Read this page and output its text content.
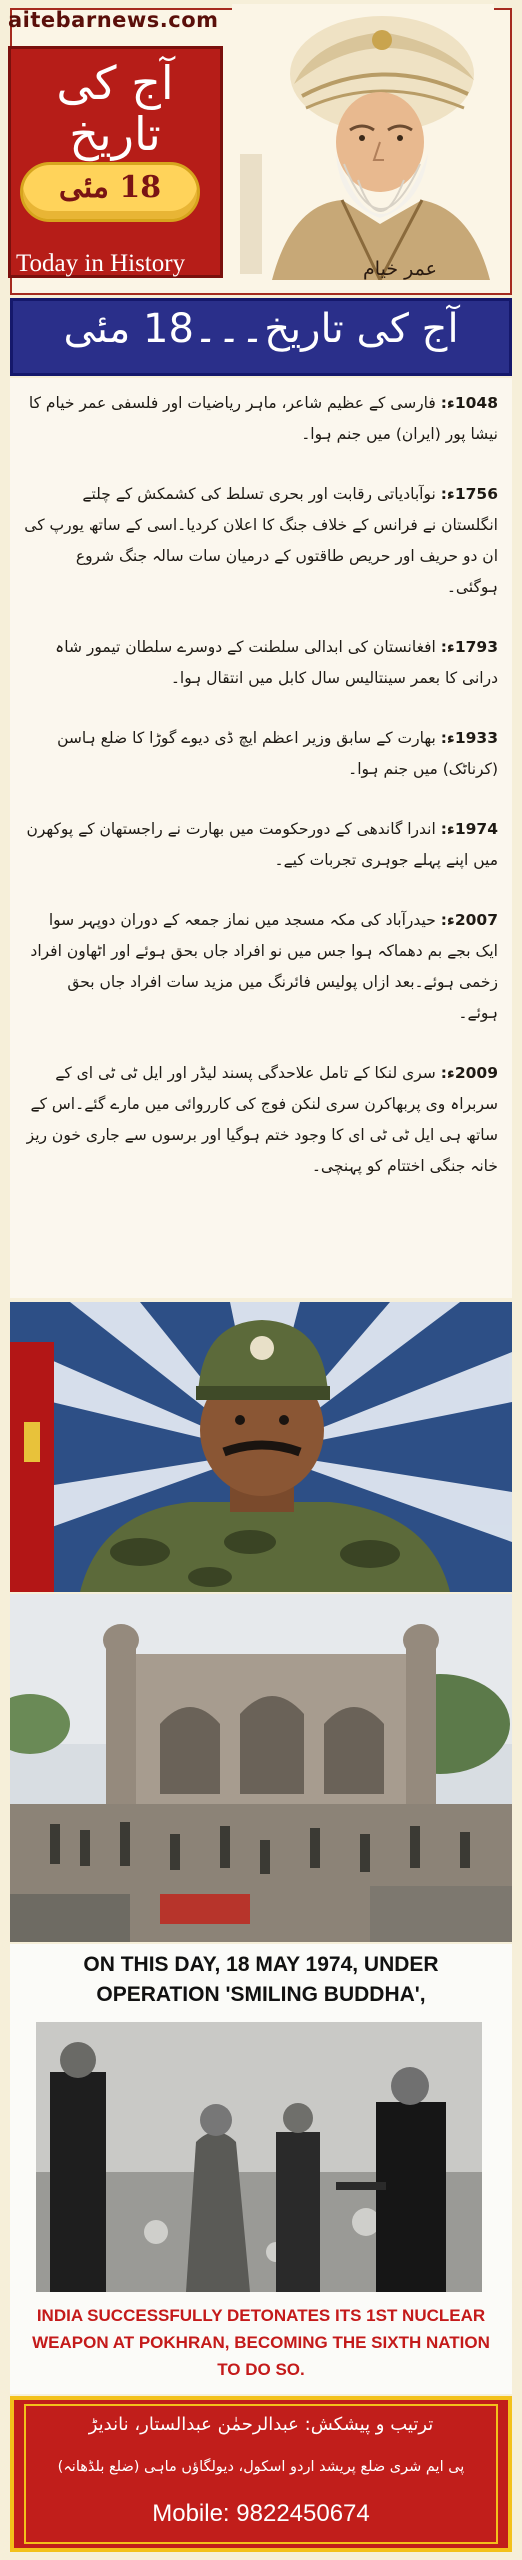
aitebarnews.com
آج کی تاریخ
18 مئی
Today in History	عمر خیام
آج کی تاریخ۔۔۔18 مئی

1048ء: فارسی کے عظیم شاعر، ماہر ریاضیات اور فلسفی عمر خیام کا نیشا پور (ایران) میں جنم ہوا۔

1756ء: نوآبادیاتی رقابت اور بحری تسلط کی کشمکش کے چلتے انگلستان نے فرانس کے خلاف جنگ کا اعلان کردیا۔اسی کے ساتھ یورپ کی ان دو حریف اور حریص طاقتوں کے درمیان سات سالہ جنگ شروع ہوگئی۔

1793ء: افغانستان کی ابدالی سلطنت کے دوسرے سلطان تیمور شاہ درانی کا بعمر سینتالیس سال کابل میں انتقال ہوا۔

1933ء: بھارت کے سابق وزیر اعظم ایچ ڈی دیوے گوڑا کا ضلع ہاسن (کرناٹک) میں جنم ہوا۔

1974ء: اندرا گاندھی کے دورحکومت میں بھارت نے راجستھان کے پوکھرن میں اپنے پہلے جوہری تجربات کیے۔

2007ء: حیدرآباد کی مکہ مسجد میں نماز جمعہ کے دوران دوپہر سوا ایک بجے بم دھماکہ ہوا جس میں نو افراد جاں بحق ہوئے اور اٹھاون افراد زخمی ہوئے۔بعد ازاں پولیس فائرنگ میں مزید سات افراد جاں بحق ہوئے۔

2009ء: سری لنکا کے تامل علاحدگی پسند لیڈر اور ایل ٹی ٹی ای کے سربراہ وی پربھاکرن سری لنکن فوج کی کارروائی میں مارے گئے۔اس کے ساتھ ہی ایل ٹی ٹی ای کا وجود ختم ہوگیا اور برسوں سے جاری خون ریز خانہ جنگی اختتام کو پہنچی۔

ON THIS DAY, 18 MAY 1974, UNDER OPERATION 'SMILING BUDDHA',
INDIA SUCCESSFULLY DETONATES ITS 1ST NUCLEAR WEAPON AT POKHRAN, BECOMING THE SIXTH NATION TO DO SO.
ترتیب و پیشکش: عبدالرحمٰن عبدالستار، ناندیڑ
پی ایم شری ضلع پریشد اردو اسکول، دیولگاؤں ماہی (ضلع بلڈھانہ)
Mobile: 9822450674
